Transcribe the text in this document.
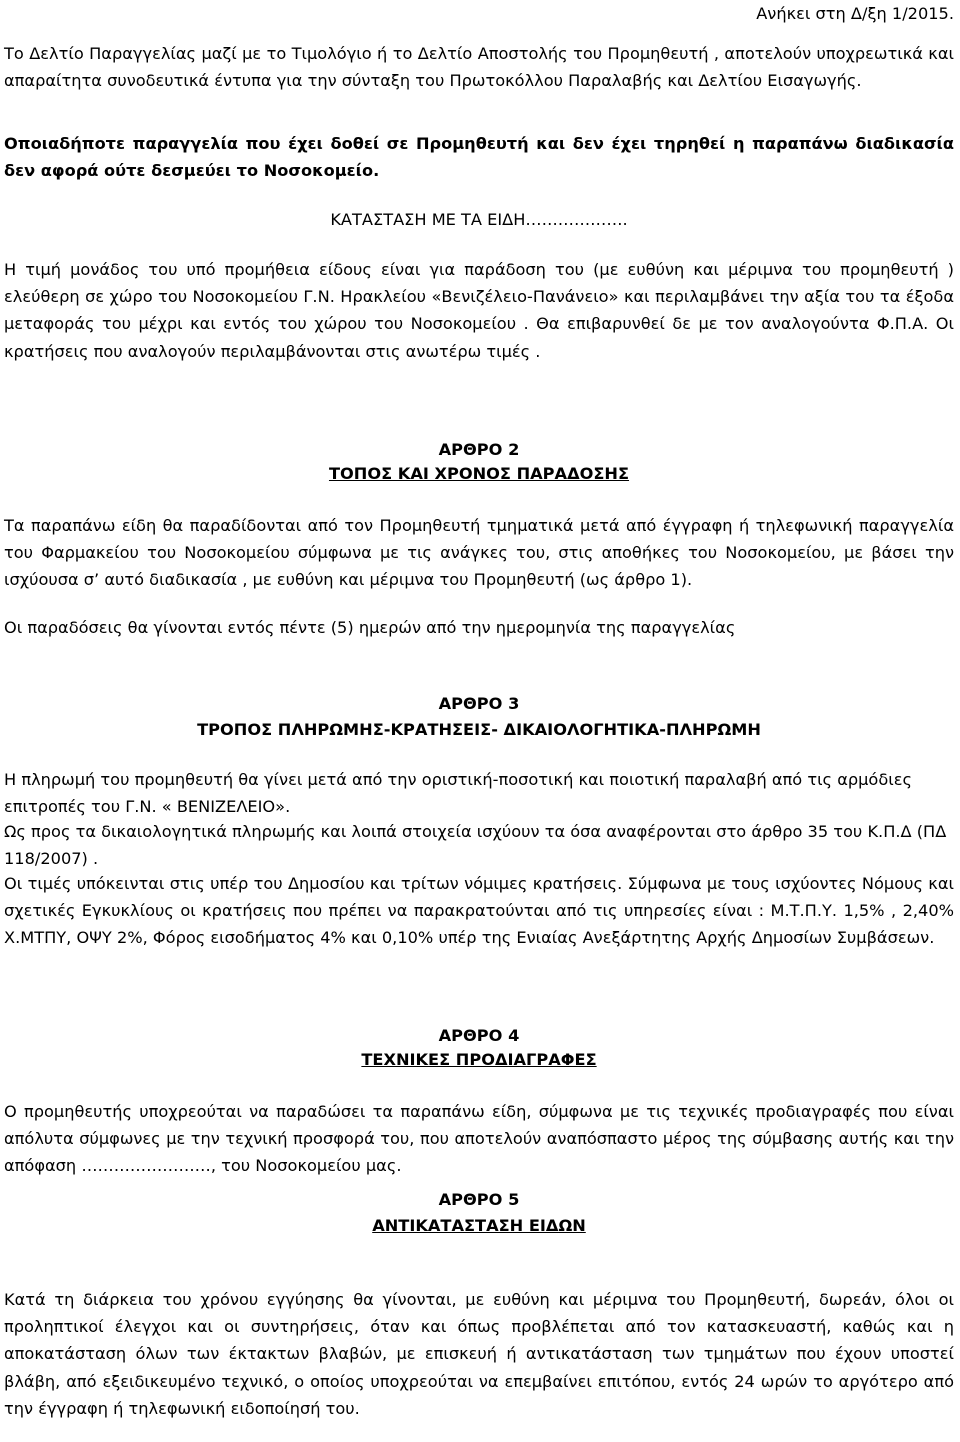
Ανήκει στη Δ/ξη 1/2015.

Το Δελτίο Παραγγελίας μαζί με το Τιμολόγιο ή το Δελτίο Αποστολής του Προμηθευτή , αποτελούν υποχρεωτικά και απαραίτητα συνοδευτικά έντυπα για την σύνταξη του Πρωτοκόλλου Παραλαβής και Δελτίου Εισαγωγής.

Οποιαδήποτε παραγγελία που έχει δοθεί σε Προμηθευτή και δεν έχει τηρηθεί η παραπάνω διαδικασία δεν αφορά ούτε δεσμεύει το Νοσοκομείο.

ΚΑΤΑΣΤΑΣΗ ΜΕ ΤΑ ΕΙΔΗ……………….

Η τιμή μονάδος του υπό προμήθεια είδους είναι για παράδοση του (με ευθύνη και μέριμνα του προμηθευτή ) ελεύθερη σε χώρο του Νοσοκομείου Γ.Ν. Ηρακλείου «Βενιζέλειο-Πανάνειο» και περιλαμβάνει την αξία του τα έξοδα μεταφοράς του μέχρι και εντός του χώρου του Νοσοκομείου . Θα επιβαρυνθεί δε με τον αναλογούντα Φ.Π.Α. Οι κρατήσεις που αναλογούν περιλαμβάνονται στις ανωτέρω τιμές .

ΑΡΘΡΟ 2

ΤΟΠΟΣ ΚΑΙ ΧΡΟΝΟΣ ΠΑΡΑΔΟΣΗΣ

Τα παραπάνω είδη θα παραδίδονται από τον Προμηθευτή τμηματικά μετά από έγγραφη ή τηλεφωνική παραγγελία του Φαρμακείου του Νοσοκομείου σύμφωνα με τις ανάγκες του, στις αποθήκες του Νοσοκομείου, με βάσει την ισχύουσα σ’ αυτό διαδικασία , με ευθύνη και μέριμνα του Προμηθευτή (ως άρθρο 1).

Οι παραδόσεις θα γίνονται εντός πέντε (5) ημερών από την ημερομηνία της παραγγελίας

ΑΡΘΡΟ 3

ΤΡΟΠΟΣ ΠΛΗΡΩΜΗΣ-ΚΡΑΤΗΣΕΙΣ- ΔΙΚΑΙΟΛΟΓΗΤΙΚΑ-ΠΛΗΡΩΜΗ

Η πληρωμή του προμηθευτή θα γίνει μετά από την οριστική-ποσοτική και ποιοτική παραλαβή από τις αρμόδιες επιτροπές του Γ.Ν. « ΒΕΝΙΖΕΛΕΙΟ».

Ως προς τα δικαιολογητικά πληρωμής και λοιπά στοιχεία ισχύουν τα όσα αναφέρονται στο άρθρο 35 του Κ.Π.Δ (ΠΔ 118/2007) .

Οι τιμές υπόκεινται στις υπέρ του Δημοσίου και τρίτων νόμιμες κρατήσεις. Σύμφωνα με τους ισχύοντες Νόμους και σχετικές Εγκυκλίους οι κρατήσεις που πρέπει να παρακρατούνται από τις υπηρεσίες είναι : Μ.Τ.Π.Υ. 1,5% , 2,40% Χ.ΜΤΠΥ, ΟΨΥ 2%, Φόρος εισοδήματος 4% και 0,10% υπέρ της Ενιαίας Ανεξάρτητης Αρχής Δημοσίων Συμβάσεων.

ΑΡΘΡΟ 4

ΤΕΧΝΙΚΕΣ ΠΡΟΔΙΑΓΡΑΦΕΣ

Ο προμηθευτής υποχρεούται να παραδώσει τα παραπάνω είδη, σύμφωνα με τις τεχνικές προδιαγραφές που είναι απόλυτα σύμφωνες με την τεχνική προσφορά του, που αποτελούν αναπόσπαστο μέρος της σύμβασης αυτής και την απόφαση ……………………, του Νοσοκομείου μας.

ΑΡΘΡΟ 5

ΑΝΤΙΚΑΤΑΣΤΑΣΗ ΕΙΔΩΝ

Κατά τη διάρκεια του χρόνου εγγύησης θα γίνονται, με ευθύνη και μέριμνα του Προμηθευτή, δωρεάν, όλοι οι προληπτικοί έλεγχοι και οι συντηρήσεις, όταν και όπως προβλέπεται από τον κατασκευαστή, καθώς και η αποκατάσταση όλων των έκτακτων βλαβών, με επισκευή ή αντικατάσταση των τμημάτων που έχουν υποστεί βλάβη, από εξειδικευμένο τεχνικό, ο οποίος υποχρεούται να επεμβαίνει επιτόπου, εντός 24 ωρών το αργότερο από την έγγραφη ή τηλεφωνική ειδοποίησή του.
